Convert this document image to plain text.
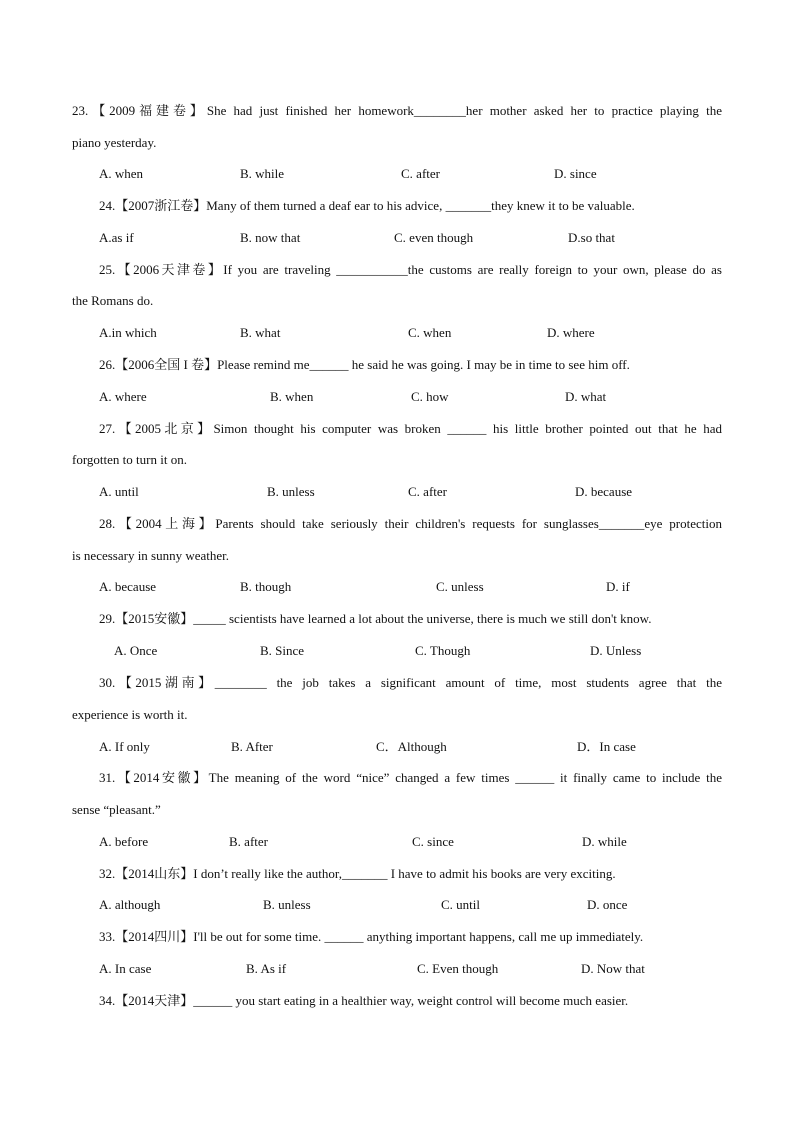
23.【2009福建卷】She had just finished her homework________her mother asked her to practice playing the
piano yesterday.
A. when	B. while	C. after	D. since
24.【2007浙江卷】Many of them turned a deaf ear to his advice, _______they knew it to be valuable.
A.as if	B. now that	C. even though	D.so that
25.【2006天津卷】If you are traveling ___________the customs are really foreign to your own, please do as
the Romans do.
A.in which	B. what	C. when	D. where
26.【2006全国 I 卷】Please remind me______ he said he was going. I may be in time to see him off.
A. where	B. when	C. how	D. what
27.【2005北京】Simon thought his computer was broken ______ his little brother pointed out that he had
forgotten to turn it on.
A. until	B. unless	C. after	D. because
28.【2004上海】Parents should take seriously their children's requests for sunglasses_______eye protection
is necessary in sunny weather.
A. because	B. though	C. unless	D. if
29.【2015安徽】_____ scientists have learned a lot about the universe, there is much we still don't know.
A. Once	B. Since	C. Though	D. Unless
30.【2015湖南】________ the job takes a significant amount of time, most students agree that the
experience is worth it.
A. If only	B. After	C．Although	D．In case
31.【2014安徽】The meaning of the word “nice” changed a few times ______ it finally came to include the
sense “pleasant.”
A. before	B. after	C. since	D. while
32.【2014山东】I don’t really like the author,_______ I have to admit his books are very exciting.
A. although	B. unless	C. until	D. once
33.【2014四川】I'll be out for some time. ______ anything important happens, call me up immediately.
A. In case	B. As if	C. Even though	D. Now that
34.【2014天津】______ you start eating in a healthier way, weight control will become much easier.
